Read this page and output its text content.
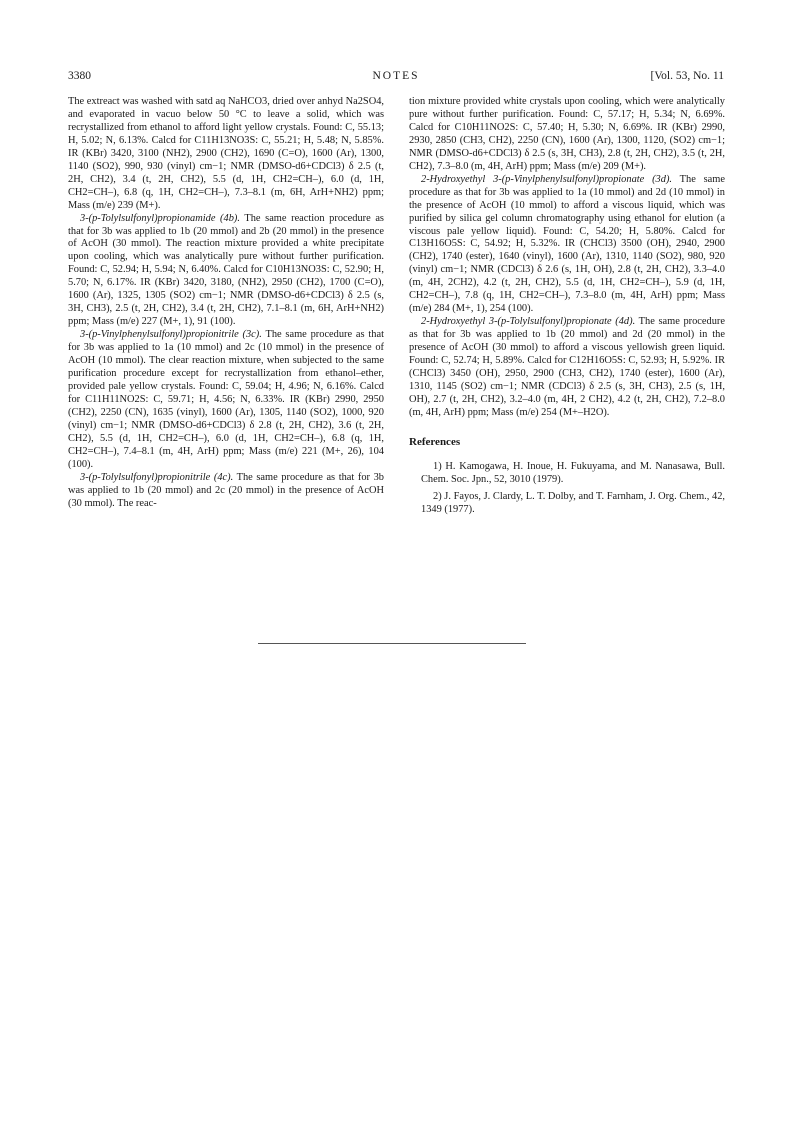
3380	NOTES	[Vol. 53, No. 11

The extreact was washed with satd aq NaHCO3, dried over anhyd Na2SO4, and evaporated in vacuo below 50 °C to leave a solid, which was recrystallized from ethanol to afford light yellow crystals. Found: C, 55.13; H, 5.02; N, 6.13%. Calcd for C11H13NO3S: C, 55.21; H, 5.48; N, 5.85%. IR (KBr) 3420, 3100 (NH2), 2900 (CH2), 1690 (C=O), 1600 (Ar), 1300, 1140 (SO2), 990, 930 (vinyl) cm−1; NMR (DMSO-d6+CDCl3) δ 2.5 (t, 2H, CH2), 3.4 (t, 2H, CH2), 5.5 (d, 1H, CH2=CH–), 6.0 (d, 1H, CH2=CH–), 6.8 (q, 1H, CH2=CH–), 7.3–8.1 (m, 6H, ArH+NH2) ppm; Mass (m/e) 239 (M+).

3-(p-Tolylsulfonyl)propionamide (4b). The same reaction procedure as that for 3b was applied to 1b (20 mmol) and 2b (20 mmol) in the presence of AcOH (30 mmol). The reaction mixture provided a white precipitate upon cooling, which was analytically pure without further purification. Found: C, 52.94; H, 5.94; N, 6.40%. Calcd for C10H13NO3S: C, 52.90; H, 5.70; N, 6.17%. IR (KBr) 3420, 3180, (NH2), 2950 (CH2), 1700 (C=O), 1600 (Ar), 1325, 1305 (SO2) cm−1; NMR (DMSO-d6+CDCl3) δ 2.5 (s, 3H, CH3), 2.5 (t, 2H, CH2), 3.4 (t, 2H, CH2), 7.1–8.1 (m, 6H, ArH+NH2) ppm; Mass (m/e) 227 (M+, 1), 91 (100).

3-(p-Vinylphenylsulfonyl)propionitrile (3c). The same procedure as that for 3b was applied to 1a (10 mmol) and 2c (10 mmol) in the presence of AcOH (10 mmol). The clear reaction mixture, when subjected to the same purification procedure except for recrystallization from ethanol–ether, provided pale yellow crystals. Found: C, 59.04; H, 4.96; N, 6.16%. Calcd for C11H11NO2S: C, 59.71; H, 4.56; N, 6.33%. IR (KBr) 2990, 2950 (CH2), 2250 (CN), 1635 (vinyl), 1600 (Ar), 1305, 1140 (SO2), 1000, 920 (vinyl) cm−1; NMR (DMSO-d6+CDCl3) δ 2.8 (t, 2H, CH2), 3.6 (t, 2H, CH2), 5.5 (d, 1H, CH2=CH–), 6.0 (d, 1H, CH2=CH–), 6.8 (q, 1H, CH2=CH–), 7.4–8.1 (m, 4H, ArH) ppm; Mass (m/e) 221 (M+, 26), 104 (100).

3-(p-Tolylsulfonyl)propionitrile (4c). The same procedure as that for 3b was applied to 1b (20 mmol) and 2c (20 mmol) in the presence of AcOH (30 mmol). The reac-

tion mixture provided white crystals upon cooling, which were analytically pure without further purification. Found: C, 57.17; H, 5.34; N, 6.69%. Calcd for C10H11NO2S: C, 57.40; H, 5.30; N, 6.69%. IR (KBr) 2990, 2930, 2850 (CH3, CH2), 2250 (CN), 1600 (Ar), 1300, 1120, (SO2) cm−1; NMR (DMSO-d6+CDCl3) δ 2.5 (s, 3H, CH3), 2.8 (t, 2H, CH2), 3.5 (t, 2H, CH2), 7.3–8.0 (m, 4H, ArH) ppm; Mass (m/e) 209 (M+).

2-Hydroxyethyl 3-(p-Vinylphenylsulfonyl)propionate (3d). The same procedure as that for 3b was applied to 1a (10 mmol) and 2d (10 mmol) in the presence of AcOH (10 mmol) to afford a viscous liquid, which was purified by silica gel column chromatography using ethanol for elution (a viscous pale yellow liquid). Found: C, 54.20; H, 5.80%. Calcd for C13H16O5S: C, 54.92; H, 5.32%. IR (CHCl3) 3500 (OH), 2940, 2900 (CH2), 1740 (ester), 1640 (vinyl), 1600 (Ar), 1310, 1140 (SO2), 980, 920 (vinyl) cm−1; NMR (CDCl3) δ 2.6 (s, 1H, OH), 2.8 (t, 2H, CH2), 3.3–4.0 (m, 4H, 2CH2), 4.2 (t, 2H, CH2), 5.5 (d, 1H, CH2=CH–), 5.9 (d, 1H, CH2=CH–), 7.8 (q, 1H, CH2=CH–), 7.3–8.0 (m, 4H, ArH) ppm; Mass (m/e) 284 (M+, 1), 254 (100).

2-Hydroxyethyl 3-(p-Tolylsulfonyl)propionate (4d). The same procedure as that for 3b was applied to 1b (20 mmol) and 2d (20 mmol) in the presence of AcOH (30 mmol) to afford a viscous yellowish green liquid. Found: C, 52.74; H, 5.89%. Calcd for C12H16O5S: C, 52.93; H, 5.92%. IR (CHCl3) 3450 (OH), 2950, 2900 (CH3, CH2), 1740 (ester), 1600 (Ar), 1310, 1145 (SO2) cm−1; NMR (CDCl3) δ 2.5 (s, 3H, CH3), 2.5 (s, 1H, OH), 2.7 (t, 2H, CH2), 3.2–4.0 (m, 4H, 2 CH2), 4.2 (t, 2H, CH2), 7.2–8.0 (m, 4H, ArH) ppm; Mass (m/e) 254 (M+–H2O).

References

1) H. Kamogawa, H. Inoue, H. Fukuyama, and M. Nanasawa, Bull. Chem. Soc. Jpn., 52, 3010 (1979).

2) J. Fayos, J. Clardy, L. T. Dolby, and T. Farnham, J. Org. Chem., 42, 1349 (1977).
